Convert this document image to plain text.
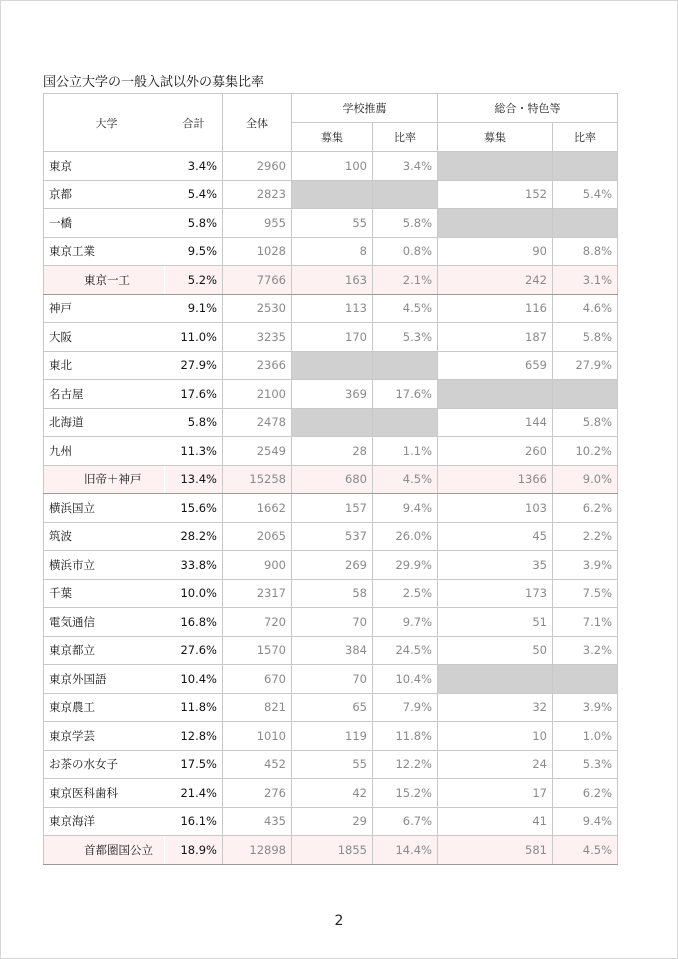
国公立大学の一般入試以外の募集比率
大学	合計	全体	学校推薦		総合・特色等	
			募集	比率	募集	比率
東京	3.4%	2960	100	3.4%		
京都	5.4%	2823			152	5.4%
一橋	5.8%	955	55	5.8%		
東京工業	9.5%	1028	8	0.8%	90	8.8%
東京一工	5.2%	7766	163	2.1%	242	3.1%
神戸	9.1%	2530	113	4.5%	116	4.6%
大阪	11.0%	3235	170	5.3%	187	5.8%
東北	27.9%	2366			659	27.9%
名古屋	17.6%	2100	369	17.6%		
北海道	5.8%	2478			144	5.8%
九州	11.3%	2549	28	1.1%	260	10.2%
旧帝＋神戸	13.4%	15258	680	4.5%	1366	9.0%
横浜国立	15.6%	1662	157	9.4%	103	6.2%
筑波	28.2%	2065	537	26.0%	45	2.2%
横浜市立	33.8%	900	269	29.9%	35	3.9%
千葉	10.0%	2317	58	2.5%	173	7.5%
電気通信	16.8%	720	70	9.7%	51	7.1%
東京都立	27.6%	1570	384	24.5%	50	3.2%
東京外国語	10.4%	670	70	10.4%		
東京農工	11.8%	821	65	7.9%	32	3.9%
東京学芸	12.8%	1010	119	11.8%	10	1.0%
お茶の水女子	17.5%	452	55	12.2%	24	5.3%
東京医科歯科	21.4%	276	42	15.2%	17	6.2%
東京海洋	16.1%	435	29	6.7%	41	9.4%
首都圏国公立	18.9%	12898	1855	14.4%	581	4.5%
2
